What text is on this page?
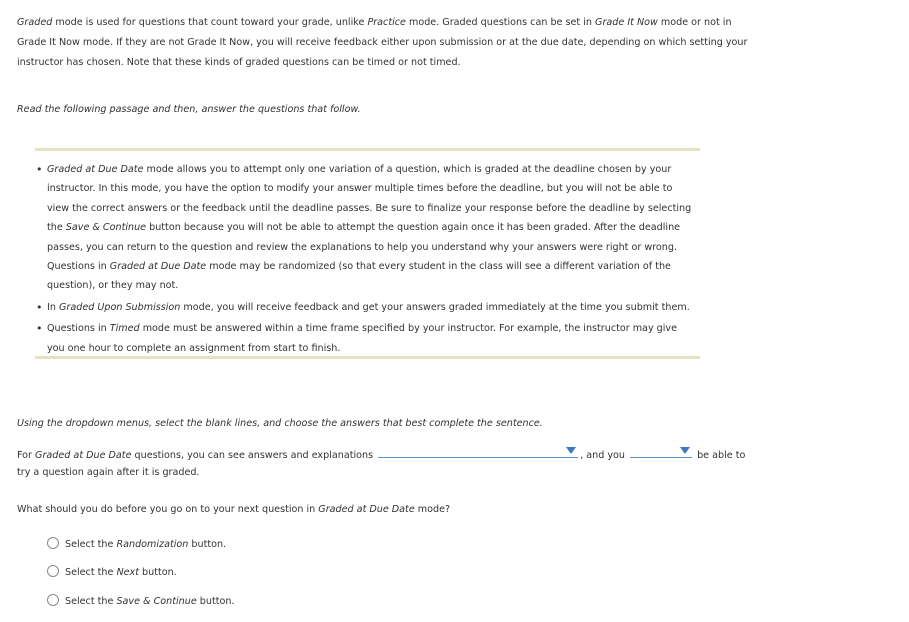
Graded mode is used for questions that count toward your grade, unlike Practice mode. Graded questions can be set in Grade It Now mode or not in Grade It Now mode. If they are not Grade It Now, you will receive feedback either upon submission or at the due date, depending on which setting your instructor has chosen. Note that these kinds of graded questions can be timed or not timed.

Read the following passage and then, answer the questions that follow.

• Graded at Due Date mode allows you to attempt only one variation of a question, which is graded at the deadline chosen by your instructor. In this mode, you have the option to modify your answer multiple times before the deadline, but you will not be able to view the correct answers or the feedback until the deadline passes. Be sure to finalize your response before the deadline by selecting the Save & Continue button because you will not be able to attempt the question again once it has been graded. After the deadline passes, you can return to the question and review the explanations to help you understand why your answers were right or wrong. Questions in Graded at Due Date mode may be randomized (so that every student in the class will see a different variation of the question), or they may not.
• In Graded Upon Submission mode, you will receive feedback and get your answers graded immediately at the time you submit them.
• Questions in Timed mode must be answered within a time frame specified by your instructor. For example, the instructor may give you one hour to complete an assignment from start to finish.

Using the dropdown menus, select the blank lines, and choose the answers that best complete the sentence.

For Graded at Due Date questions, you can see answers and explanations	, and you	be able to
try a question again after it is graded.

What should you do before you go on to your next question in Graded at Due Date mode?

Select the Randomization button.
Select the Next button.
Select the Save & Continue button.
